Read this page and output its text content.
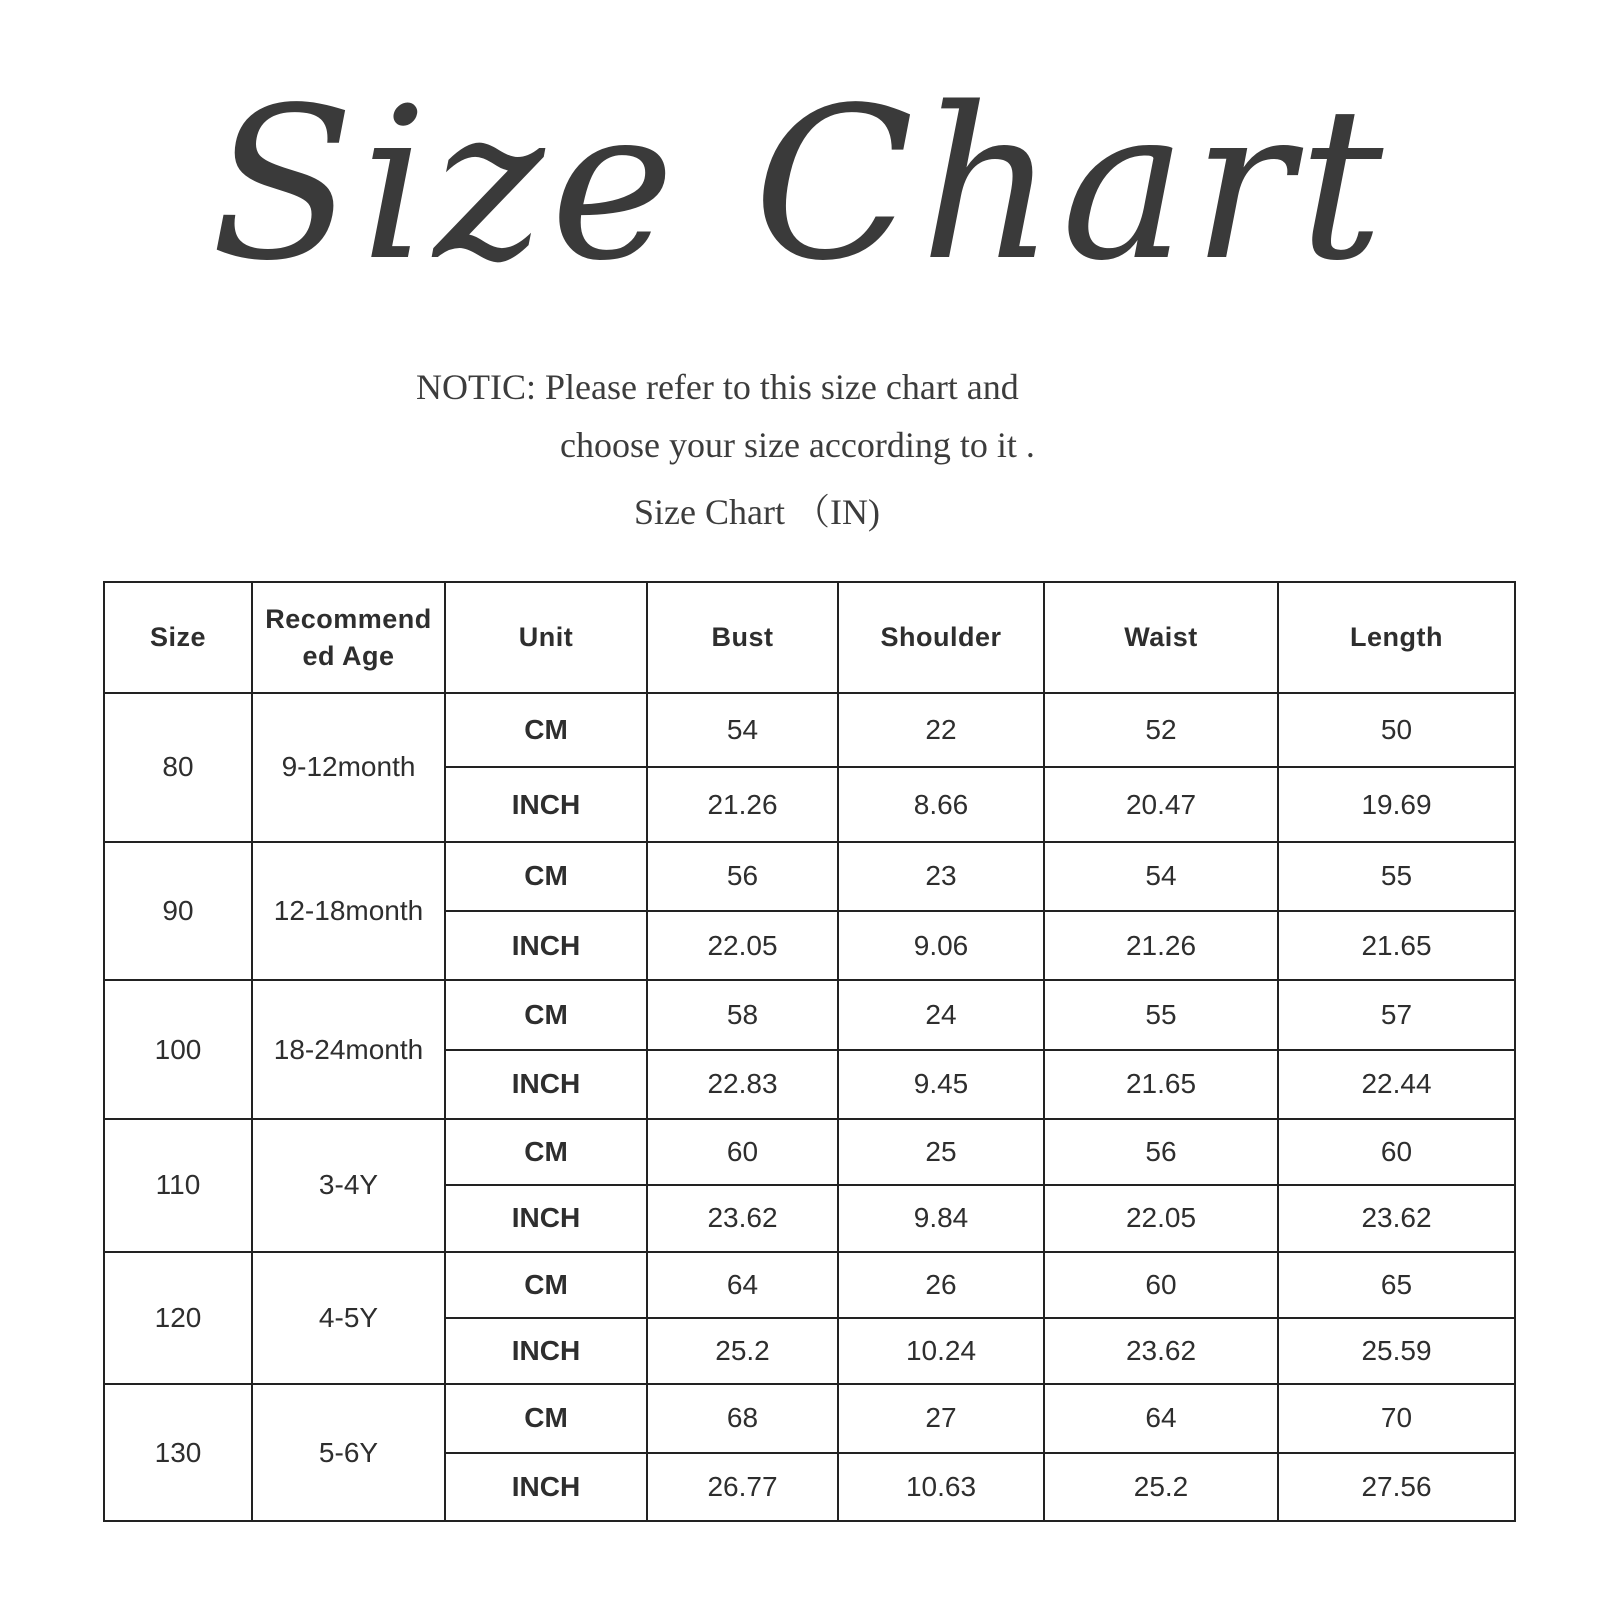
Size Chart
NOTIC: Please refer to this size chart and
choose your size according to it .
Size Chart （IN)
Size	Recommend ed Age	Unit	Bust	Shoulder	Waist	Length
80	9-12month	CM	54	22	52	50
		INCH	21.26	8.66	20.47	19.69
90	12-18month	CM	56	23	54	55
		INCH	22.05	9.06	21.26	21.65
100	18-24month	CM	58	24	55	57
		INCH	22.83	9.45	21.65	22.44
110	3-4Y	CM	60	25	56	60
		INCH	23.62	9.84	22.05	23.62
120	4-5Y	CM	64	26	60	65
		INCH	25.2	10.24	23.62	25.59
130	5-6Y	CM	68	27	64	70
		INCH	26.77	10.63	25.2	27.56
